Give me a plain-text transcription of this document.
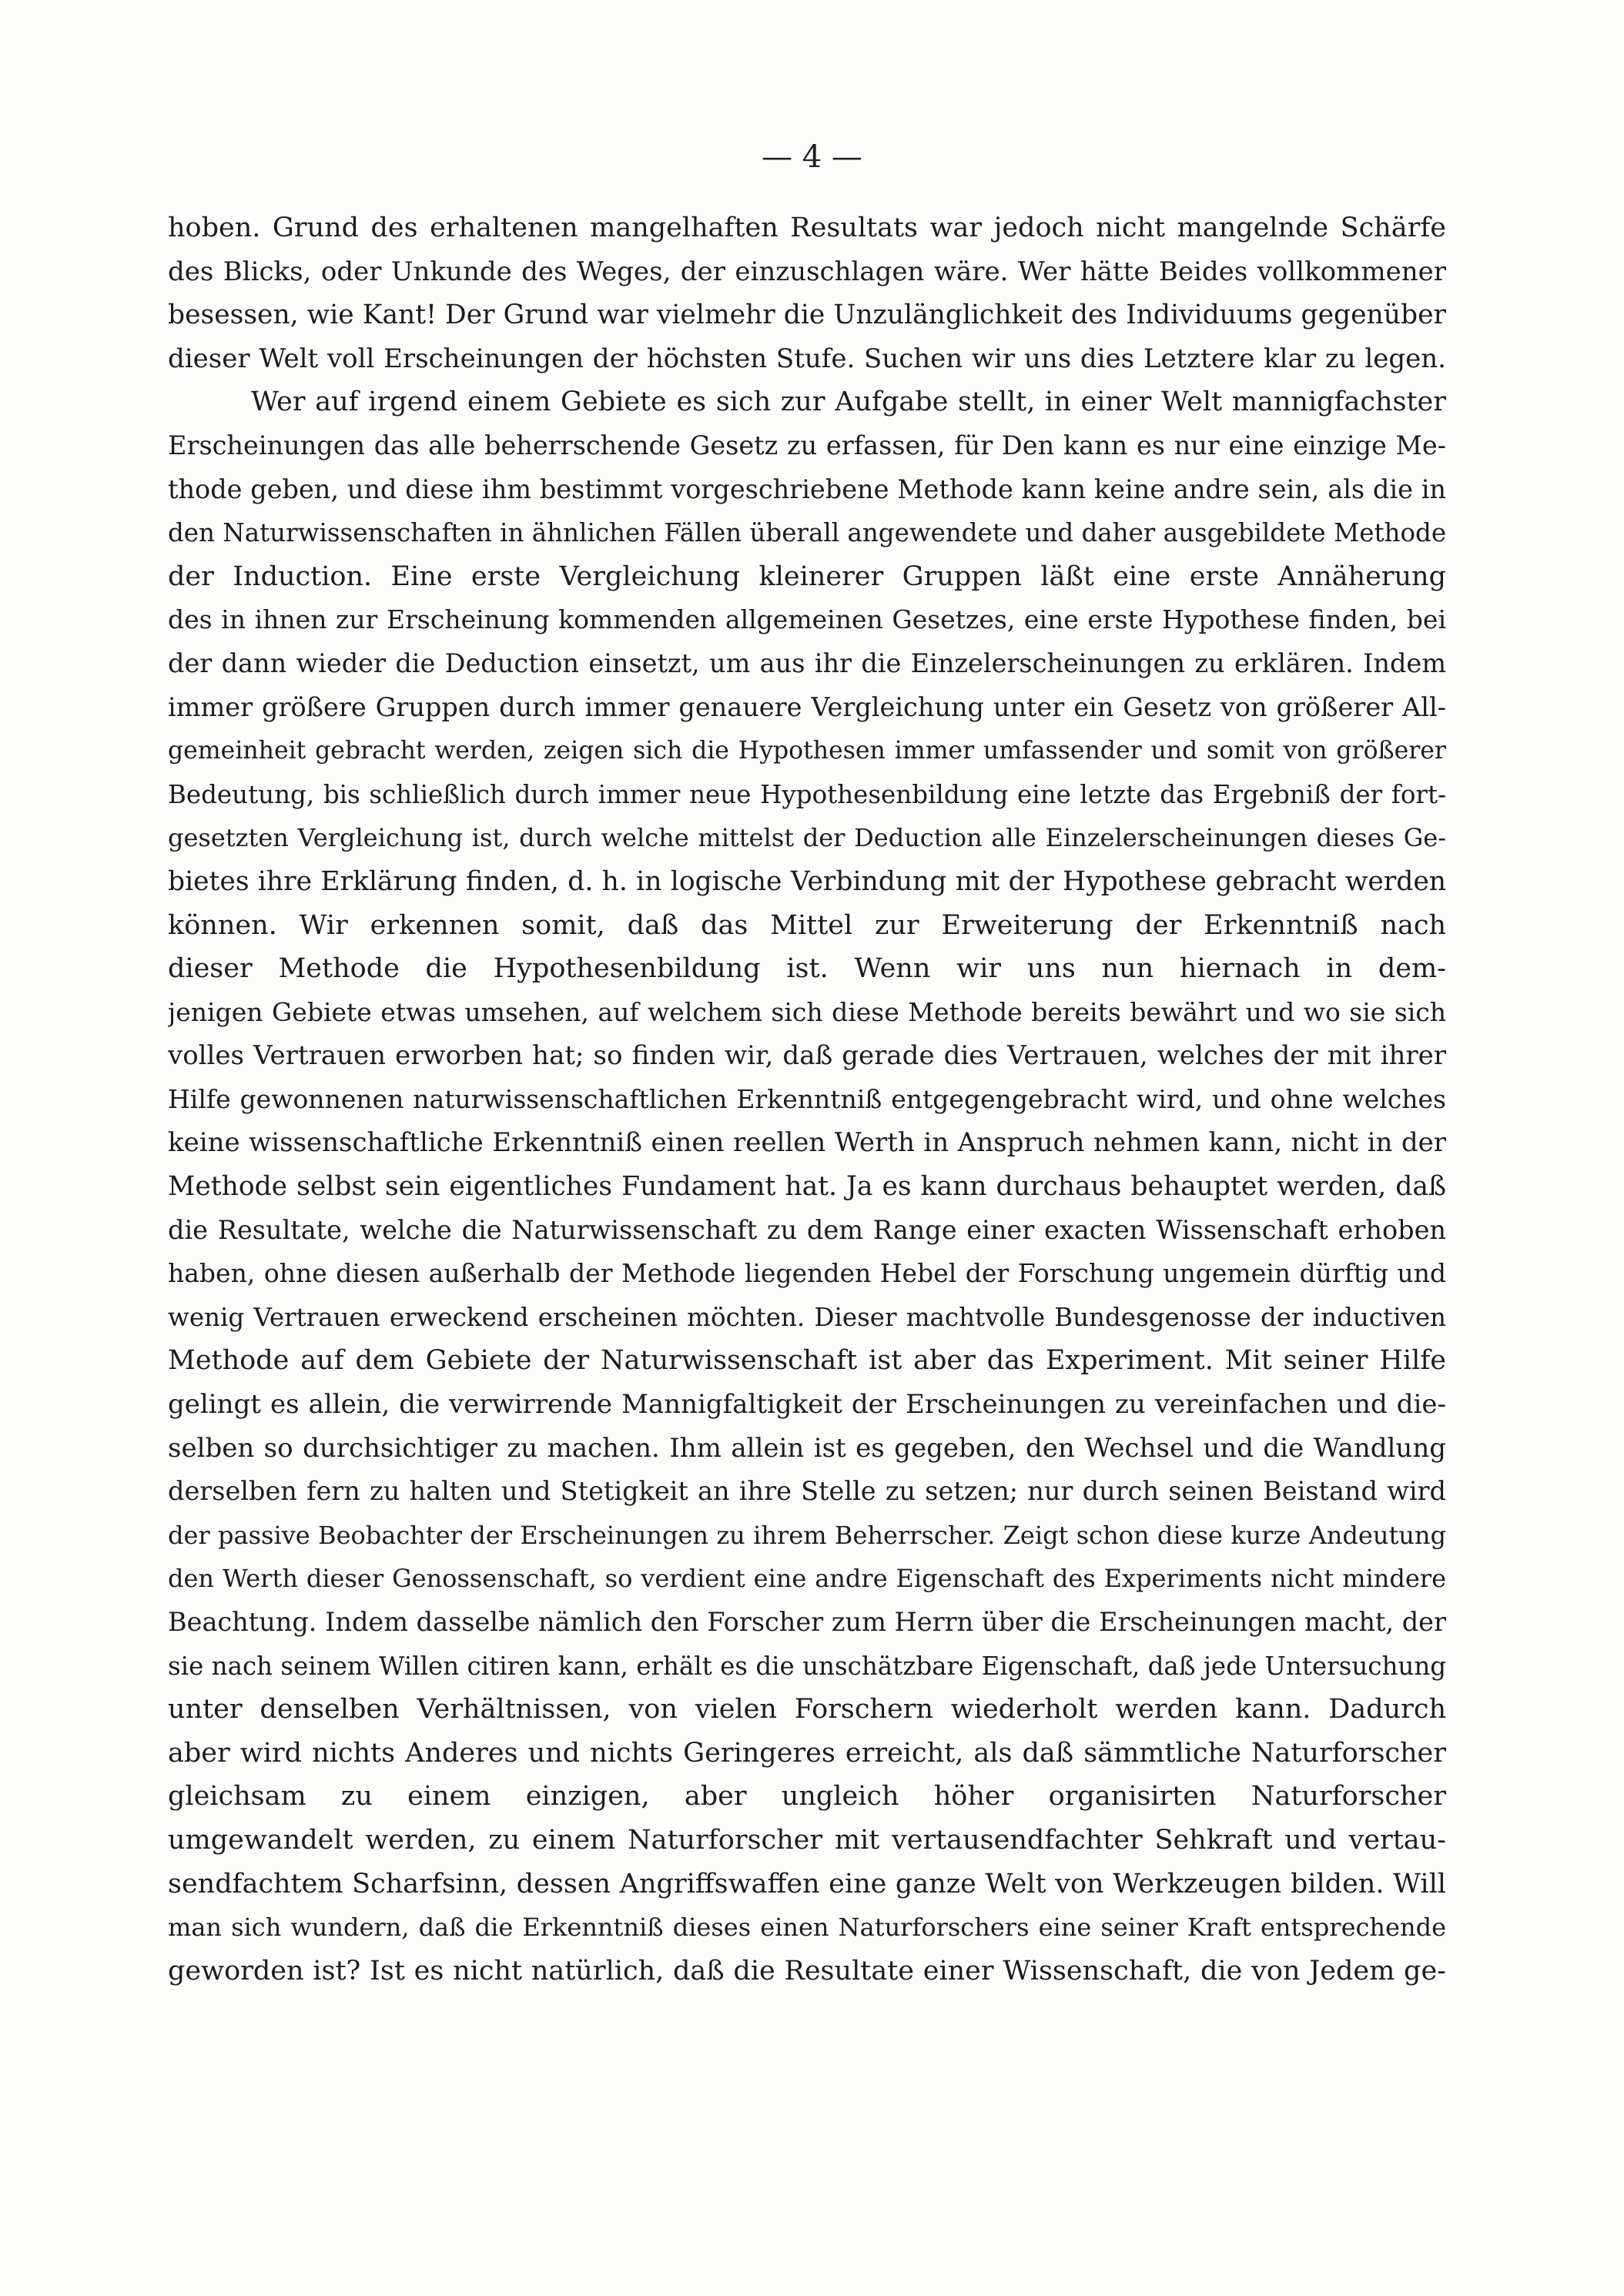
— 4 —
hoben. Grund des erhaltenen mangelhaften Resultats war jedoch nicht mangelnde Schärfe
des Blicks, oder Unkunde des Weges, der einzuschlagen wäre. Wer hätte Beides vollkommener
besessen, wie Kant! Der Grund war vielmehr die Unzulänglichkeit des Individuums gegenüber
dieser Welt voll Erscheinungen der höchsten Stufe. Suchen wir uns dies Letztere klar zu legen.
Wer auf irgend einem Gebiete es sich zur Aufgabe stellt, in einer Welt mannigfachster
Erscheinungen das alle beherrschende Gesetz zu erfassen, für Den kann es nur eine einzige Me-
thode geben, und diese ihm bestimmt vorgeschriebene Methode kann keine andre sein, als die in
den Naturwissenschaften in ähnlichen Fällen überall angewendete und daher ausgebildete Methode
der Induction. Eine erste Vergleichung kleinerer Gruppen läßt eine erste Annäherung
des in ihnen zur Erscheinung kommenden allgemeinen Gesetzes, eine erste Hypothese finden, bei
der dann wieder die Deduction einsetzt, um aus ihr die Einzelerscheinungen zu erklären. Indem
immer größere Gruppen durch immer genauere Vergleichung unter ein Gesetz von größerer All-
gemeinheit gebracht werden, zeigen sich die Hypothesen immer umfassender und somit von größerer
Bedeutung, bis schließlich durch immer neue Hypothesenbildung eine letzte das Ergebniß der fort-
gesetzten Vergleichung ist, durch welche mittelst der Deduction alle Einzelerscheinungen dieses Ge-
bietes ihre Erklärung finden, d. h. in logische Verbindung mit der Hypothese gebracht werden
können. Wir erkennen somit, daß das Mittel zur Erweiterung der Erkenntniß nach
dieser Methode die Hypothesenbildung ist. Wenn wir uns nun hiernach in dem-
jenigen Gebiete etwas umsehen, auf welchem sich diese Methode bereits bewährt und wo sie sich
volles Vertrauen erworben hat; so finden wir, daß gerade dies Vertrauen, welches der mit ihrer
Hilfe gewonnenen naturwissenschaftlichen Erkenntniß entgegengebracht wird, und ohne welches
keine wissenschaftliche Erkenntniß einen reellen Werth in Anspruch nehmen kann, nicht in der
Methode selbst sein eigentliches Fundament hat. Ja es kann durchaus behauptet werden, daß
die Resultate, welche die Naturwissenschaft zu dem Range einer exacten Wissenschaft erhoben
haben, ohne diesen außerhalb der Methode liegenden Hebel der Forschung ungemein dürftig und
wenig Vertrauen erweckend erscheinen möchten. Dieser machtvolle Bundesgenosse der inductiven
Methode auf dem Gebiete der Naturwissenschaft ist aber das Experiment. Mit seiner Hilfe
gelingt es allein, die verwirrende Mannigfaltigkeit der Erscheinungen zu vereinfachen und die-
selben so durchsichtiger zu machen. Ihm allein ist es gegeben, den Wechsel und die Wandlung
derselben fern zu halten und Stetigkeit an ihre Stelle zu setzen; nur durch seinen Beistand wird
der passive Beobachter der Erscheinungen zu ihrem Beherrscher. Zeigt schon diese kurze Andeutung
den Werth dieser Genossenschaft, so verdient eine andre Eigenschaft des Experiments nicht mindere
Beachtung. Indem dasselbe nämlich den Forscher zum Herrn über die Erscheinungen macht, der
sie nach seinem Willen citiren kann, erhält es die unschätzbare Eigenschaft, daß jede Untersuchung
unter denselben Verhältnissen, von vielen Forschern wiederholt werden kann. Dadurch
aber wird nichts Anderes und nichts Geringeres erreicht, als daß sämmtliche Naturforscher
gleichsam zu einem einzigen, aber ungleich höher organisirten Naturforscher
umgewandelt werden, zu einem Naturforscher mit vertausendfachter Sehkraft und vertau-
sendfachtem Scharfsinn, dessen Angriffswaffen eine ganze Welt von Werkzeugen bilden. Will
man sich wundern, daß die Erkenntniß dieses einen Naturforschers eine seiner Kraft entsprechende
geworden ist? Ist es nicht natürlich, daß die Resultate einer Wissenschaft, die von Jedem ge-
